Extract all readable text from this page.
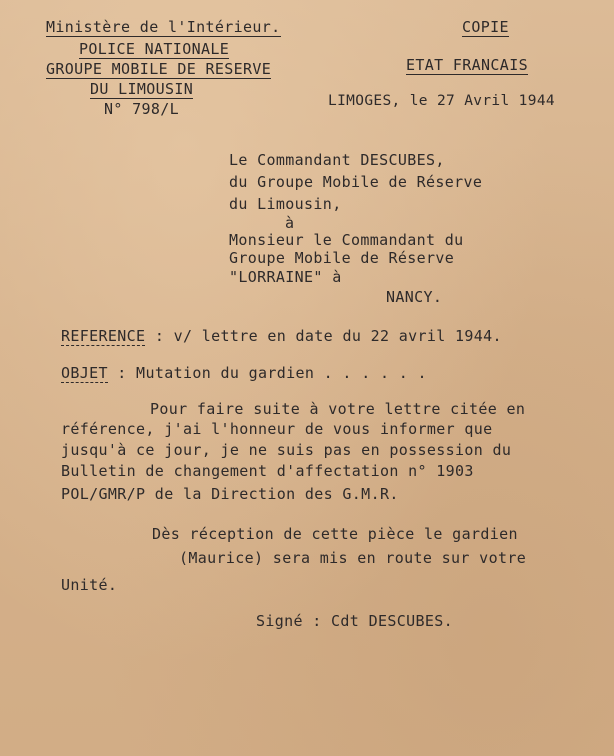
Ministère de l'Intérieur.
POLICE NATIONALE
GROUPE MOBILE DE RESERVE
DU LIMOUSIN
N° 798/L
COPIE
ETAT FRANCAIS
LIMOGES, le 27 Avril 1944
Le Commandant DESCUBES,
du Groupe Mobile de Réserve
du Limousin,
à
Monsieur le Commandant du
Groupe Mobile de Réserve
"LORRAINE" à
NANCY.
REFERENCE : v/ lettre en date du 22 avril 1944.
OBJET : Mutation du gardien . . . . . .
Pour faire suite à votre lettre citée en
référence, j'ai l'honneur de vous informer que
jusqu'à ce jour, je ne suis pas en possession du
Bulletin de changement d'affectation n° 1903
POL/GMR/P de la Direction des G.M.R.
Dès réception de cette pièce le gardien
(Maurice) sera mis en route sur votre
Unité.
Signé : Cdt DESCUBES.
